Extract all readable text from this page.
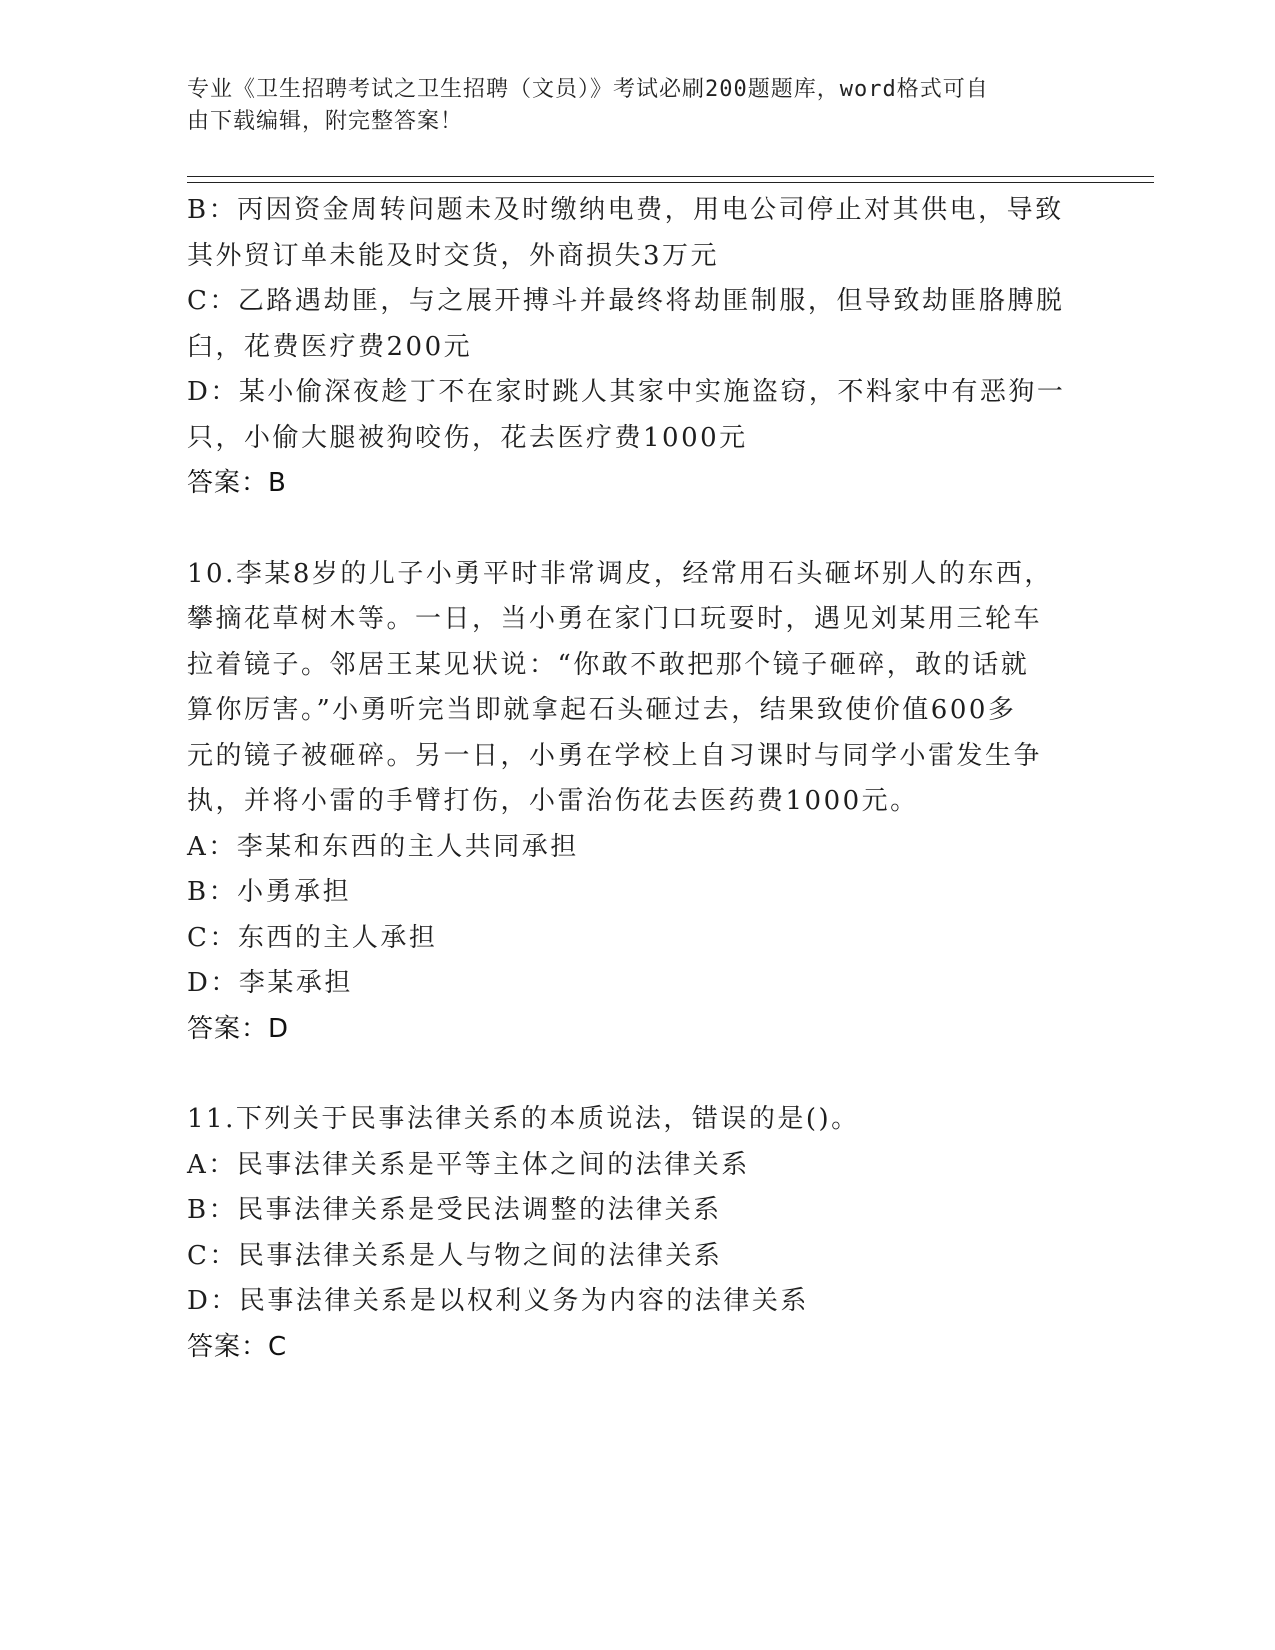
专业《卫生招聘考试之卫生招聘（文员）》考试必刷200题题库，word格式可自
由下载编辑，附完整答案！
B：丙因资金周转问题未及时缴纳电费，用电公司停止对其供电，导致
其外贸订单未能及时交货，外商损失3万元
C：乙路遇劫匪，与之展开搏斗并最终将劫匪制服，但导致劫匪胳膊脱
臼，花费医疗费200元
D：某小偷深夜趁丁不在家时跳人其家中实施盗窃，不料家中有恶狗一
只，小偷大腿被狗咬伤，花去医疗费1000元
答案：B
10.李某8岁的儿子小勇平时非常调皮，经常用石头砸坏别人的东西，
攀摘花草树木等。一日，当小勇在家门口玩耍时，遇见刘某用三轮车
拉着镜子。邻居王某见状说：“你敢不敢把那个镜子砸碎，敢的话就
算你厉害。”小勇听完当即就拿起石头砸过去，结果致使价值600多
元的镜子被砸碎。另一日，小勇在学校上自习课时与同学小雷发生争
执，并将小雷的手臂打伤，小雷治伤花去医药费1000元。
A：李某和东西的主人共同承担
B：小勇承担
C：东西的主人承担
D：李某承担
答案：D
11.下列关于民事法律关系的本质说法，错误的是()。
A：民事法律关系是平等主体之间的法律关系
B：民事法律关系是受民法调整的法律关系
C：民事法律关系是人与物之间的法律关系
D：民事法律关系是以权利义务为内容的法律关系
答案：C
